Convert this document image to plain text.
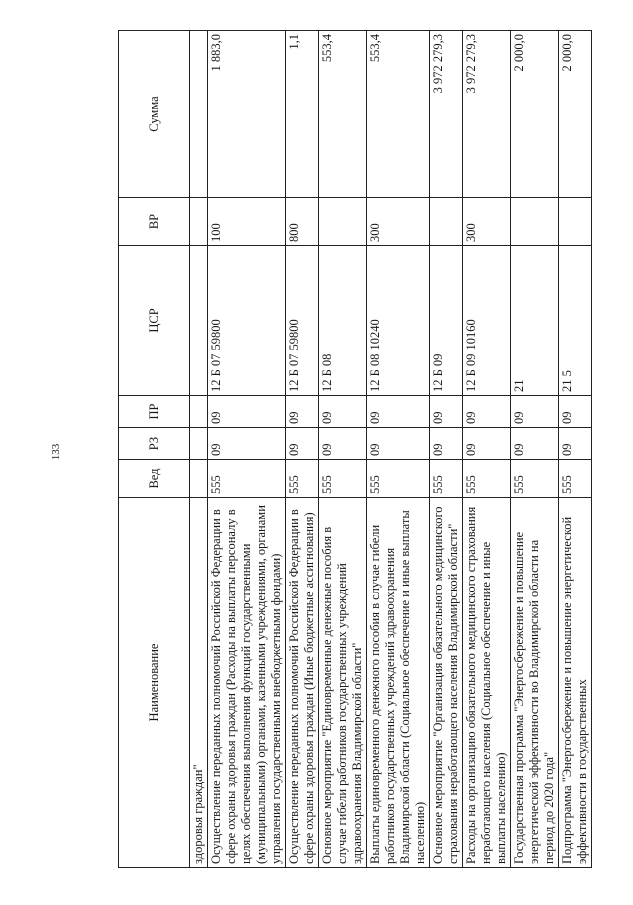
133
Наименование	Вед	РЗ	ПР	ЦСР	ВР	Сумма
здоровья граждан"						
Осуществление переданных полномочий Российской Федерации в сфере охраны здоровья граждан (Расходы на выплаты персоналу в целях обеспечения выполнения функций государственными (муниципальными) органами, казенными учреждениями, органами управления государственными внебюджетными фондами)	555	09	09	12 Б 07 59800	100	1 883,0
Осуществление переданных полномочий Российской Федерации в сфере охраны здоровья граждан (Иные бюджетные ассигнования)	555	09	09	12 Б 07 59800	800	1,1
Основное мероприятие "Единовременные денежные пособия в случае гибели работников государственных учреждений здравоохранения Владимирской области"	555	09	09	12 Б 08		553,4
Выплаты единовременного денежного пособия в случае гибели работников государственных учреждений здравоохранения Владимирской области (Социальное обеспечение и иные выплаты населению)	555	09	09	12 Б 08 10240	300	553,4
Основное мероприятие "Организация обязательного медицинского страхования неработающего населения Владимирской области"	555	09	09	12 Б 09		3 972 279,3
Расходы на организацию обязательного медицинского страхования неработающего населения (Социальное обеспечение и иные выплаты населению)	555	09	09	12 Б 09 10160	300	3 972 279,3
Государственная программа "Энергосбережение и повышение энергетической эффективности во Владимирской области на период до 2020 года"	555	09	09	21		2 000,0
Подпрограмма "Энергосбережение и повышение энергетической эффективности в государственных	555	09	09	21 5		2 000,0
